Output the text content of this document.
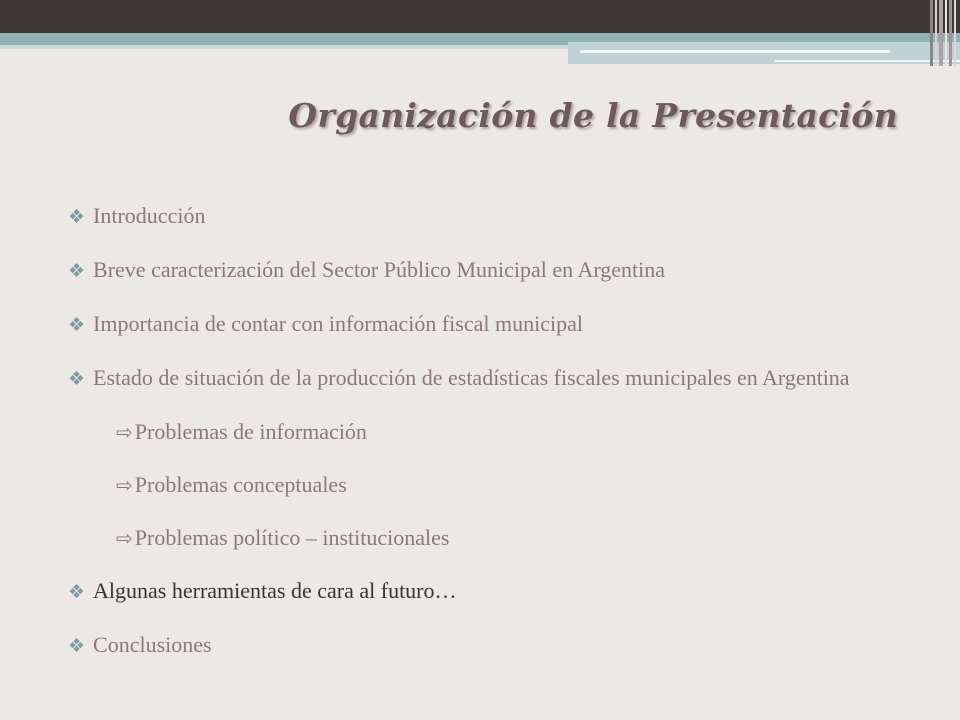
Organización de la Presentación
❖ Introducción
❖ Breve caracterización del Sector Público Municipal en Argentina
❖ Importancia de contar con información fiscal municipal
❖ Estado de situación de la producción de estadísticas fiscales municipales en Argentina
⇨Problemas de información
⇨Problemas conceptuales
⇨Problemas político – institucionales
❖ Algunas herramientas de cara al futuro…
❖ Conclusiones
